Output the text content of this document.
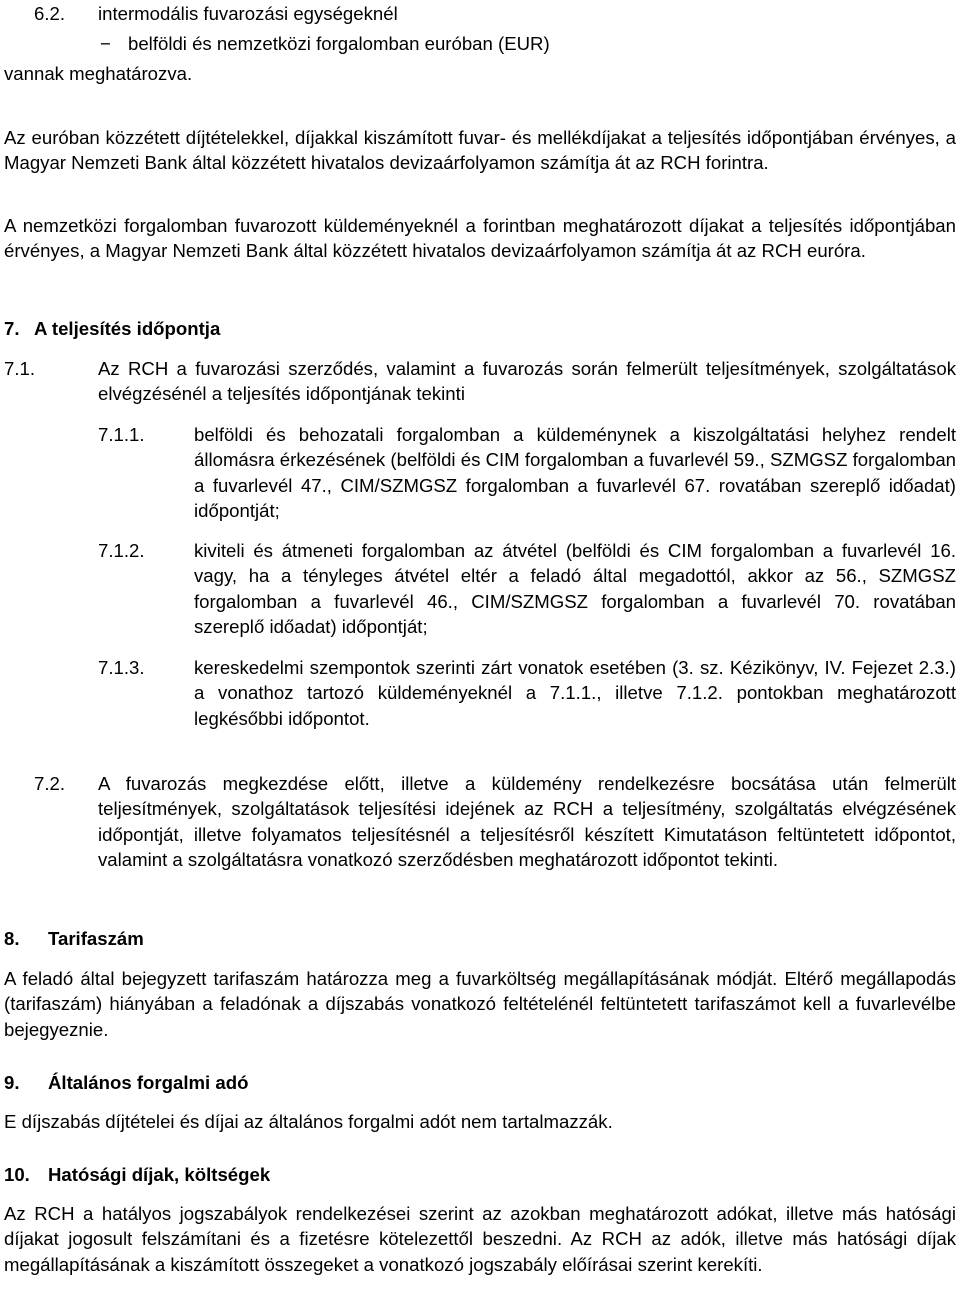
6.2. intermodális fuvarozási egységeknél
− belföldi és nemzetközi forgalomban euróban (EUR)
vannak meghatározva.

Az euróban közzétett díjtételekkel, díjakkal kiszámított fuvar- és mellékdíjakat a teljesítés időpontjában érvényes, a Magyar Nemzeti Bank által közzétett hivatalos devizaárfolyamon számítja át az RCH forintra.

A nemzetközi forgalomban fuvarozott küldeményeknél a forintban meghatározott díjakat a teljesítés időpontjában érvényes, a Magyar Nemzeti Bank által közzétett hivatalos devizaárfolyamon számítja át az RCH euróra.

7. A teljesítés időpontja
7.1.	Az RCH a fuvarozási szerződés, valamint a fuvarozás során felmerült teljesítmények, szolgáltatások elvégzésénél a teljesítés időpontjának tekinti

7.1.1.	belföldi és behozatali forgalomban a küldeménynek a kiszolgáltatási helyhez rendelt állomásra érkezésének (belföldi és CIM forgalomban a fuvarlevél 59., SZMGSZ forgalomban a fuvarlevél 47., CIM/SZMGSZ forgalomban a fuvarlevél 67. rovatában szereplő időadat) időpontját;

7.1.2.	kiviteli és átmeneti forgalomban az átvétel (belföldi és CIM forgalomban a fuvarlevél 16. vagy, ha a tényleges átvétel eltér a feladó által megadottól, akkor az 56., SZMGSZ forgalomban a fuvarlevél 46., CIM/SZMGSZ forgalomban a fuvarlevél 70. rovatában szereplő időadat) időpontját;

7.1.3.	kereskedelmi szempontok szerinti zárt vonatok esetében (3. sz. Kézikönyv, IV. Fejezet 2.3.) a vonathoz tartozó küldeményeknél a 7.1.1., illetve 7.1.2. pontokban meghatározott legkésőbbi időpontot.

7.2. A fuvarozás megkezdése előtt, illetve a küldemény rendelkezésre bocsátása után felmerült teljesítmények, szolgáltatások teljesítési idejének az RCH a teljesítmény, szolgáltatás elvégzésének időpontját, illetve folyamatos teljesítésnél a teljesítésről készített Kimutatáson feltüntetett időpontot, valamint a szolgáltatásra vonatkozó szerződésben meghatározott időpontot tekinti.

8. Tarifaszám

A feladó által bejegyzett tarifaszám határozza meg a fuvarköltség megállapításának módját. Eltérő megállapodás (tarifaszám) hiányában a feladónak a díjszabás vonatkozó feltételénél feltüntetett tarifaszámot kell a fuvarlevélbe bejegyeznie.

9. Általános forgalmi adó

E díjszabás díjtételei és díjai az általános forgalmi adót nem tartalmazzák.

10. Hatósági díjak, költségek

Az RCH a hatályos jogszabályok rendelkezései szerint az azokban meghatározott adókat, illetve más hatósági díjakat jogosult felszámítani és a fizetésre kötelezettől beszedni. Az RCH az adók, illetve más hatósági díjak megállapításának a kiszámított összegeket a vonatkozó jogszabály előírásai szerint kerekíti.
